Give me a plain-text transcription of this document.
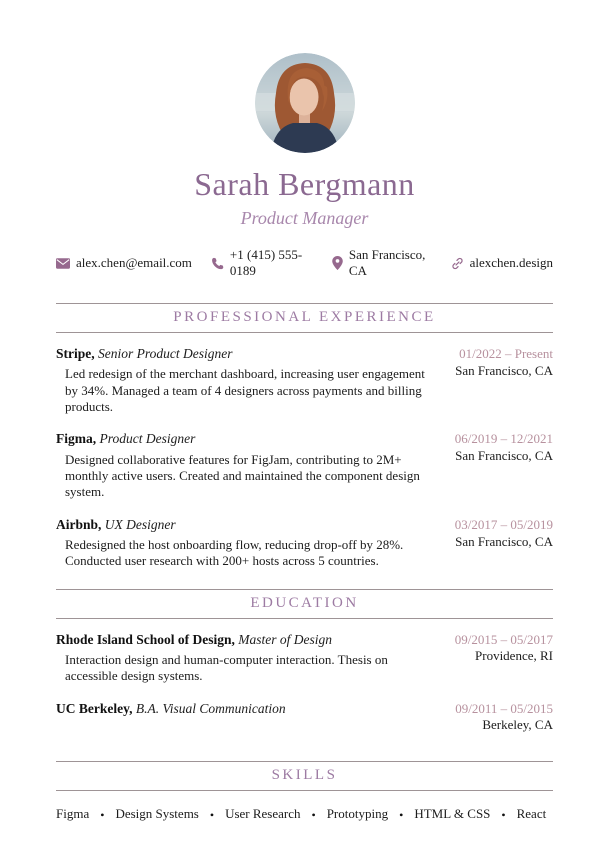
Sarah Bergmann
Product Manager
alex.chen@email.com
+1 (415) 555-0189
San Francisco, CA
alexchen.design
PROFESSIONAL EXPERIENCE
Stripe, Senior Product Designer
Led redesign of the merchant dashboard, increasing user engagement by 34%. Managed a team of 4 designers across payments and billing products.
01/2022 – Present
San Francisco, CA
Figma, Product Designer
Designed collaborative features for FigJam, contributing to 2M+ monthly active users. Created and maintained the component design system.
06/2019 – 12/2021
San Francisco, CA
Airbnb, UX Designer
Redesigned the host onboarding flow, reducing drop-off by 28%. Conducted user research with 200+ hosts across 5 countries.
03/2017 – 05/2019
San Francisco, CA
EDUCATION
Rhode Island School of Design, Master of Design
Interaction design and human-computer interaction. Thesis on accessible design systems.
09/2015 – 05/2017
Providence, RI
UC Berkeley, B.A. Visual Communication	09/2011 – 05/2015
Berkeley, CA
SKILLS
Figma • Design Systems • User Research • Prototyping
• HTML & CSS • React
